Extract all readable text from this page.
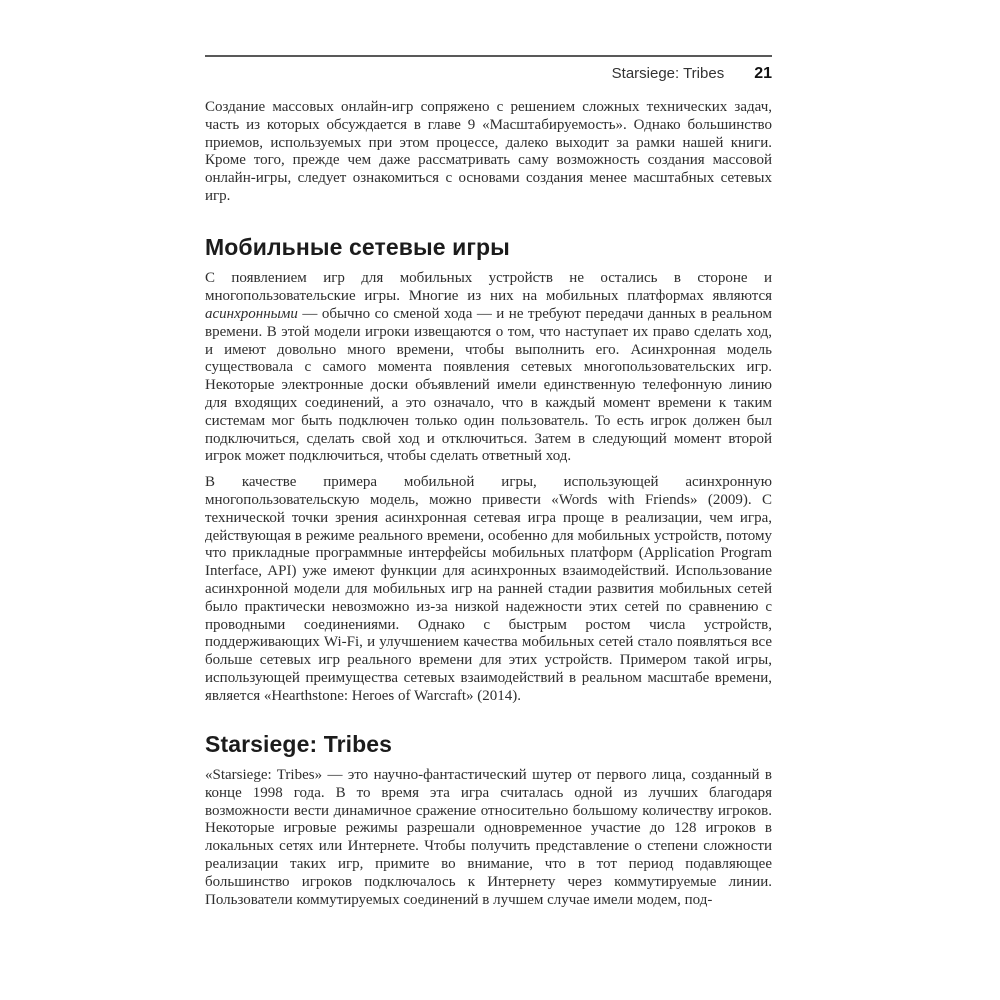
Starsiege: Tribes 21

Создание массовых онлайн-игр сопряжено с решением сложных технических задач, часть из которых обсуждается в главе 9 «Масштабируемость». Однако большинство приемов, используемых при этом процессе, далеко выходит за рамки нашей книги. Кроме того, прежде чем даже рассматривать саму возможность создания массовой онлайн-игры, следует ознакомиться с основами создания менее масштабных сетевых игр.

Мобильные сетевые игры

С появлением игр для мобильных устройств не остались в стороне и многопользовательские игры. Многие из них на мобильных платформах являются асинхронными — обычно со сменой хода — и не требуют передачи данных в реальном времени. В этой модели игроки извещаются о том, что наступает их право сделать ход, и имеют довольно много времени, чтобы выполнить его. Асинхронная модель существовала с самого момента появления сетевых многопользовательских игр. Некоторые электронные доски объявлений имели единственную телефонную линию для входящих соединений, а это означало, что в каждый момент времени к таким системам мог быть подключен только один пользователь. То есть игрок должен был подключиться, сделать свой ход и отключиться. Затем в следующий момент второй игрок может подключиться, чтобы сделать ответный ход.

В качестве примера мобильной игры, использующей асинхронную многопользовательскую модель, можно привести «Words with Friends» (2009). С технической точки зрения асинхронная сетевая игра проще в реализации, чем игра, действующая в режиме реального времени, особенно для мобильных устройств, потому что прикладные программные интерфейсы мобильных платформ (Application Program Interface, API) уже имеют функции для асинхронных взаимодействий. Использование асинхронной модели для мобильных игр на ранней стадии развития мобильных сетей было практически невозможно из-за низкой надежности этих сетей по сравнению с проводными соединениями. Однако с быстрым ростом числа устройств, поддерживающих Wi-Fi, и улучшением качества мобильных сетей стало появляться все больше сетевых игр реального времени для этих устройств. Примером такой игры, использующей преимущества сетевых взаимодействий в реальном масштабе времени, является «Hearthstone: Heroes of Warcraft» (2014).

Starsiege: Tribes

«Starsiege: Tribes» — это научно-фантастический шутер от первого лица, созданный в конце 1998 года. В то время эта игра считалась одной из лучших благодаря возможности вести динамичное сражение относительно большому количеству игроков. Некоторые игровые режимы разрешали одновременное участие до 128 игроков в локальных сетях или Интернете. Чтобы получить представление о степени сложности реализации таких игр, примите во внимание, что в тот период подавляющее большинство игроков подключалось к Интернету через коммутируемые линии. Пользователи коммутируемых соединений в лучшем случае имели модем, под-
